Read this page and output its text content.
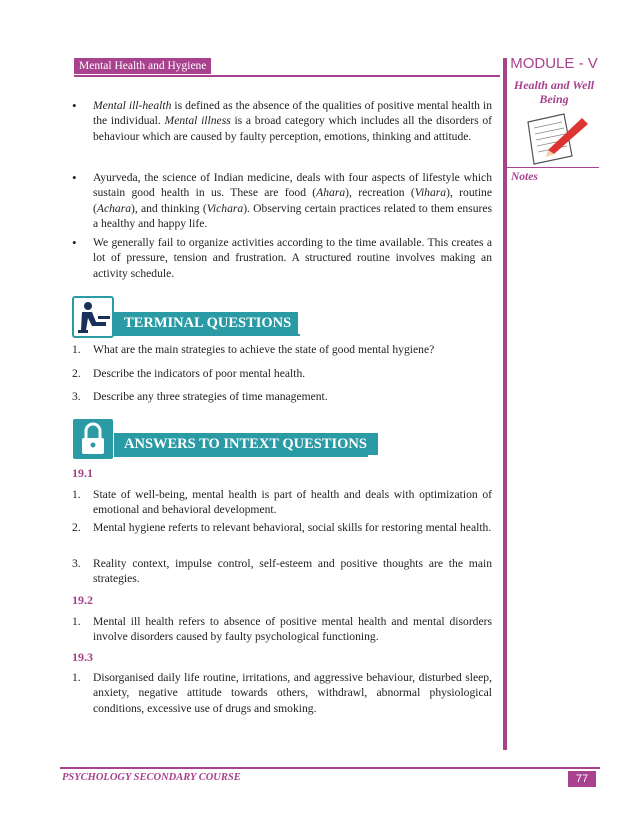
Mental Health and Hygiene	MODULE - V
Health and Well
Being
Notes
• Mental ill-health is defined as the absence of the qualities of positive mental health in the individual. Mental illness is a broad category which includes all the disorders of behaviour which are caused by faulty perception, emotions, thinking and attitude.

• Ayurveda, the science of Indian medicine, deals with four aspects of lifestyle which sustain good health in us. These are food (Ahara), recreation (Vihara), routine (Achara), and thinking (Vichara). Observing certain practices related to them ensures a healthy and happy life.

• We generally fail to organize activities according to the time available. This creates a lot of pressure, tension and frustration. A structured routine involves making an activity schedule.

TERMINAL QUESTIONS
1. What are the main strategies to achieve the state of good mental hygiene?

2. Describe the indicators of poor mental health.

3. Describe any three strategies of time management.

ANSWERS TO INTEXT QUESTIONS
19.1
1. State of well-being, mental health is part of health and deals with optimization of emotional and behavioral development.

2. Mental hygiene referts to relevant behavioral, social skills for restoring mental health.

3. Reality context, impulse control, self-esteem and positive thoughts are the main strategies.

19.2
1. Mental ill health refers to absence of positive mental health and mental disorders involve disorders caused by faulty psychological functioning.

19.3
1. Disorganised daily life routine, irritations, and aggressive behaviour, disturbed sleep, anxiety, negative attitude towards others, withdrawl, abnormal physiological conditions, excessive use of drugs and smoking.

PSYCHOLOGY SECONDARY COURSE	77
